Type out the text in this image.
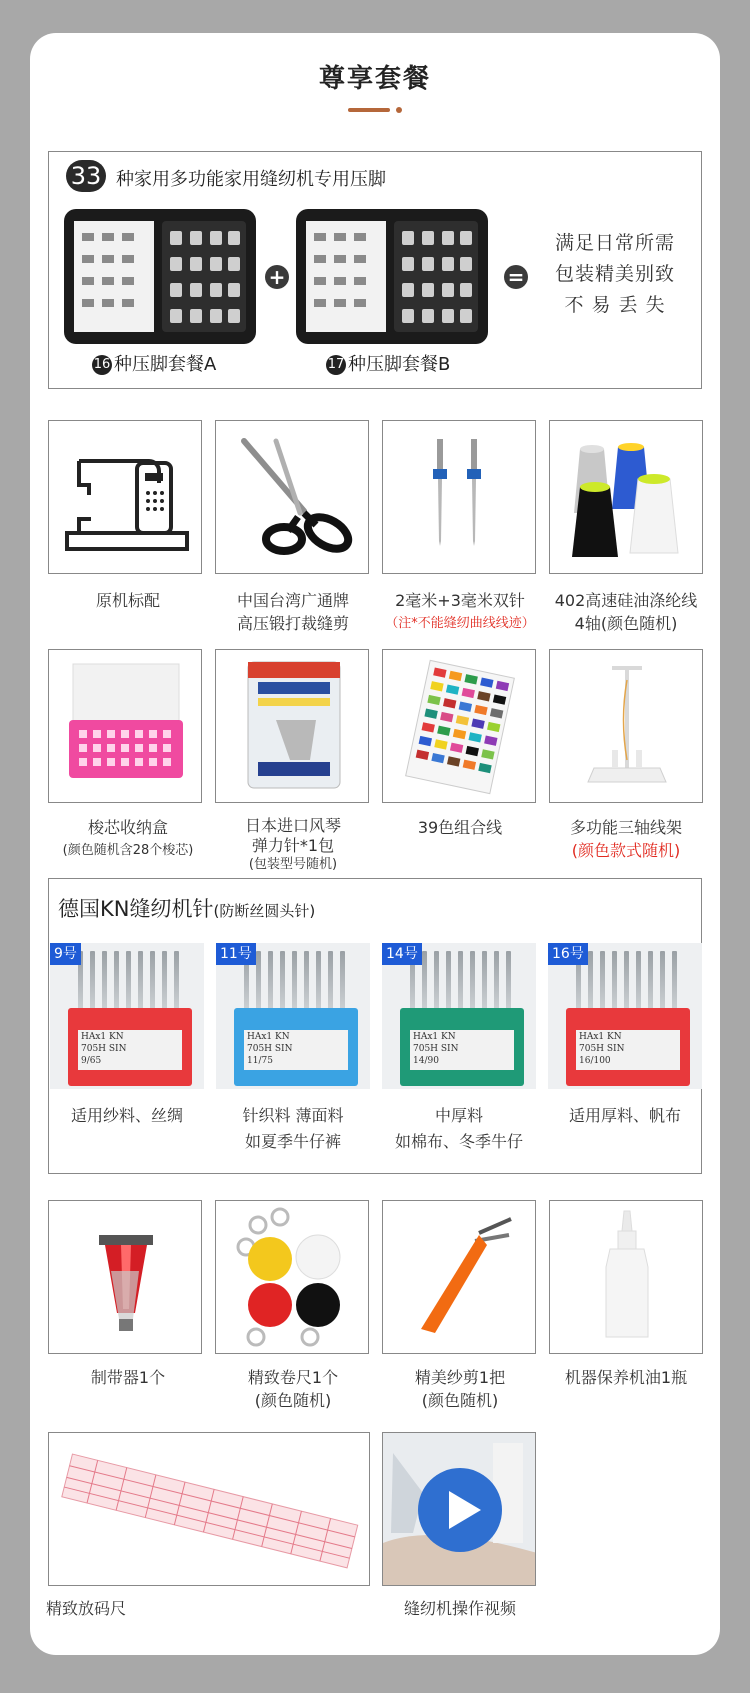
尊享套餐
33 种家用多功能家用缝纫机专用压脚
+	=
16 种压脚套餐A	17 种压脚套餐B
满足日常所需
包装精美别致
不 易 丢 失
原机标配	中国台湾广通牌
高压锻打裁缝剪
2毫米+3毫米双针
（注*不能缝纫曲线线迹）
402高速硅油涤纶线
4轴(颜色随机)
梭芯收纳盒
(颜色随机含28个梭芯)
日本进口风琴
弹力针*1包
(包装型号随机)
39色组合线	多功能三轴线架
(颜色款式随机)
德国KN缝纫机针(防断丝圆头针)
HAx1 KN
705H SIN
9/65
9号
HAx1 KN
705H SIN
11/75
11号
HAx1 KN
705H SIN
14/90
14号
HAx1 KN
705H SIN
16/100
16号
适用纱料、丝绸	针织料 薄面料
如夏季牛仔裤
中厚料
如棉布、冬季牛仔
适用厚料、帆布
制带器1个	精致卷尺1个
(颜色随机)
精美纱剪1把
(颜色随机)
机器保养机油1瓶
精致放码尺	缝纫机操作视频
